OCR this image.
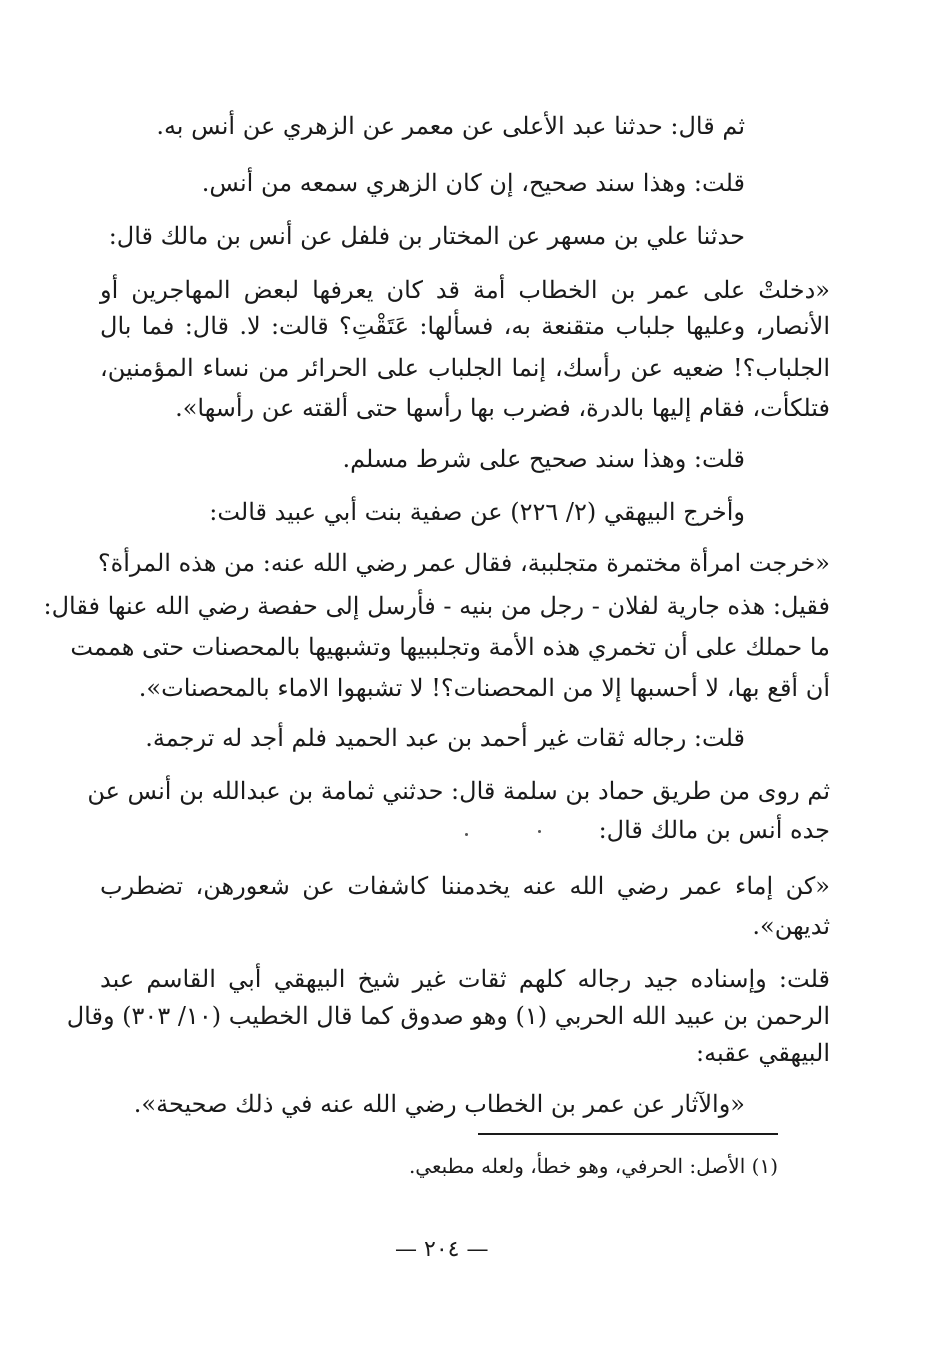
ثم قال: حدثنا عبد الأعلى عن معمر عن الزهري عن أنس به.
قلت: وهذا سند صحيح، إن كان الزهري سمعه من أنس.
حدثنا علي بن مسهر عن المختار بن فلفل عن أنس بن مالك قال:
«دخلتْ على عمر بن الخطاب أمة قد كان يعرفها لبعض المهاجرين أو
الأنصار، وعليها جلباب متقنعة به، فسألها: عَتَقْتِ؟ قالت: لا. قال: فما بال
الجلباب؟! ضعيه عن رأسك، إنما الجلباب على الحرائر من نساء المؤمنين،
فتلكأت، فقام إليها بالدرة، فضرب بها رأسها حتى ألقته عن رأسها».
قلت: وهذا سند صحيح على شرط مسلم.
وأخرج البيهقي (٢/ ٢٢٦) عن صفية بنت أبي عبيد قالت:
«خرجت امرأة مختمرة متجلببة، فقال عمر رضي الله عنه: من هذه المرأة؟
فقيل: هذه جارية لفلان - رجل من بنيه - فأرسل إلى حفصة رضي الله عنها فقال:
ما حملك على أن تخمري هذه الأمة وتجلببيها وتشبهيها بالمحصنات حتى هممت
أن أقع بها، لا أحسبها إلا من المحصنات؟! لا تشبهوا الاماء بالمحصنات».
قلت: رجاله ثقات غير أحمد بن عبد الحميد فلم أجد له ترجمة.
ثم روى من طريق حماد بن سلمة قال: حدثني ثمامة بن عبدالله بن أنس عن
جده أنس بن مالك قال:
«كن إماء عمر رضي الله عنه يخدمننا كاشفات عن شعورهن، تضطرب
ثديهن».
قلت: وإسناده جيد رجاله كلهم ثقات غير شيخ البيهقي أبي القاسم عبد
الرحمن بن عبيد الله الحربي (١) وهو صدوق كما قال الخطيب (١٠/ ٣٠٣) وقال
البيهقي عقبه:
«والآثار عن عمر بن الخطاب رضي الله عنه في ذلك صحيحة».
(١) الأصل: الحرفي، وهو خطأ، ولعله مطبعي.
— ٢٠٤ —
